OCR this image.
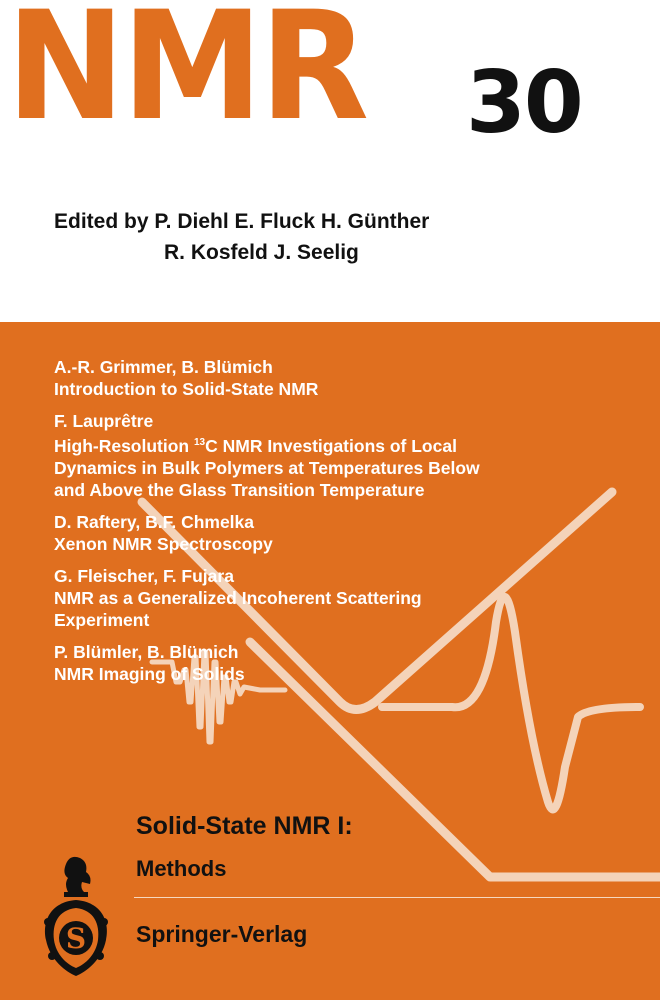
NMR 30
Edited by P. Diehl E. Fluck H. Günther
R. Kosfeld J. Seelig
A.-R. Grimmer, B. Blümich
Introduction to Solid-State NMR
F. Lauprêtre
High-Resolution $^{13}$C NMR Investigations of Local
Dynamics in Bulk Polymers at Temperatures Below
and Above the Glass Transition Temperature
D. Raftery, B.F. Chmelka
Xenon NMR Spectroscopy
G. Fleischer, F. Fujara
NMR as a Generalized Incoherent Scattering
Experiment
P. Blümler, B. Blümich
NMR Imaging of Solids
Solid-State NMR I:
Methods
Springer-Verlag
S
